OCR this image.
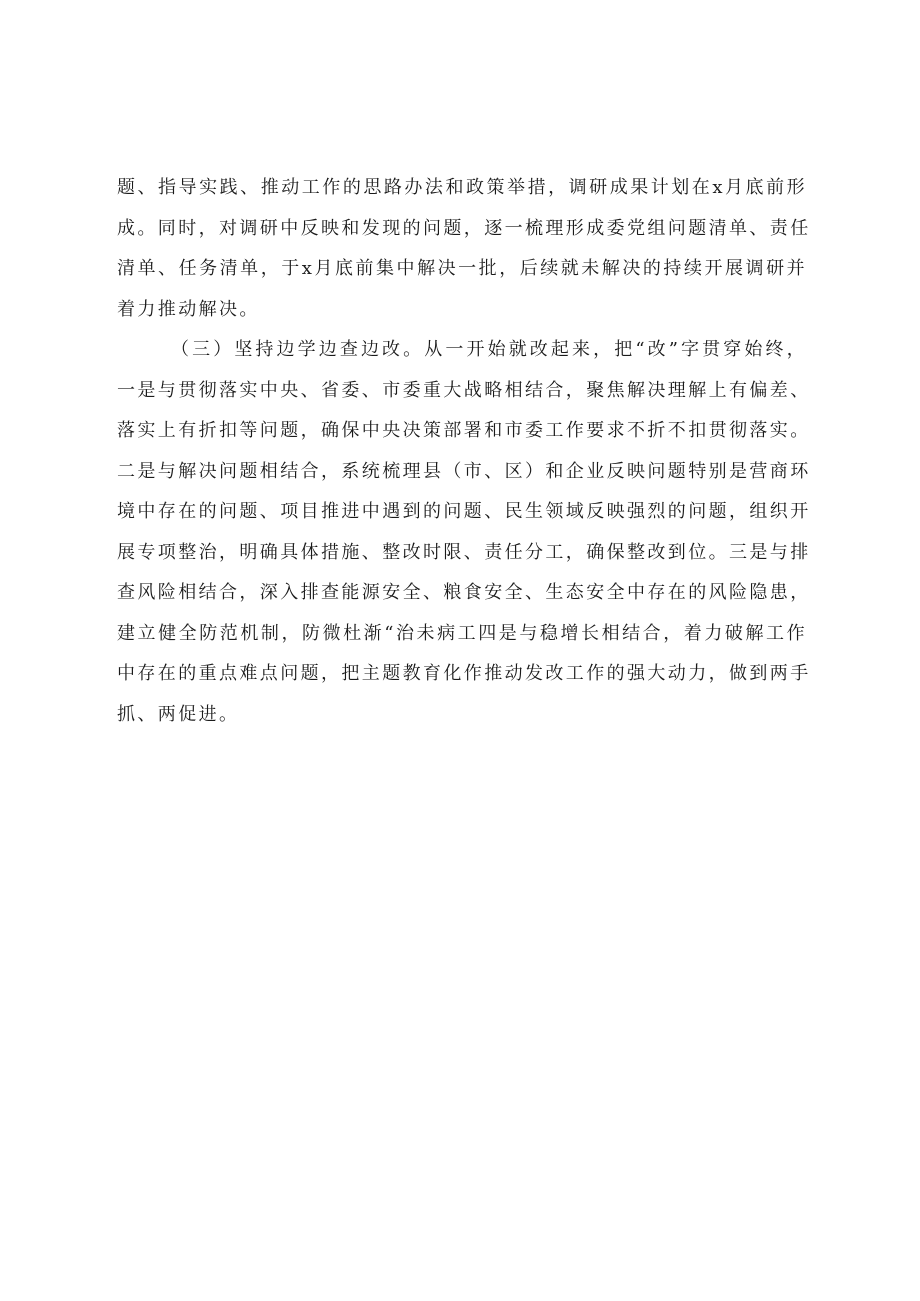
题、指导实践、推动工作的思路办法和政策举措，调研成果计划在x月底前形
成。同时，对调研中反映和发现的问题，逐一梳理形成委党组问题清单、责任
清单、任务清单，于x月底前集中解决一批，后续就未解决的持续开展调研并
着力推动解决。
（三）坚持边学边查边改。从一开始就改起来，把“改”字贯穿始终，
一是与贯彻落实中央、省委、市委重大战略相结合，聚焦解决理解上有偏差、
落实上有折扣等问题，确保中央决策部署和市委工作要求不折不扣贯彻落实。
二是与解决问题相结合，系统梳理县（市、区）和企业反映问题特别是营商环
境中存在的问题、项目推进中遇到的问题、民生领域反映强烈的问题，组织开
展专项整治，明确具体措施、整改时限、责任分工，确保整改到位。三是与排
查风险相结合，深入排查能源安全、粮食安全、生态安全中存在的风险隐患，
建立健全防范机制，防微杜渐“治未病工四是与稳增长相结合，着力破解工作
中存在的重点难点问题，把主题教育化作推动发改工作的强大动力，做到两手
抓、两促进。
